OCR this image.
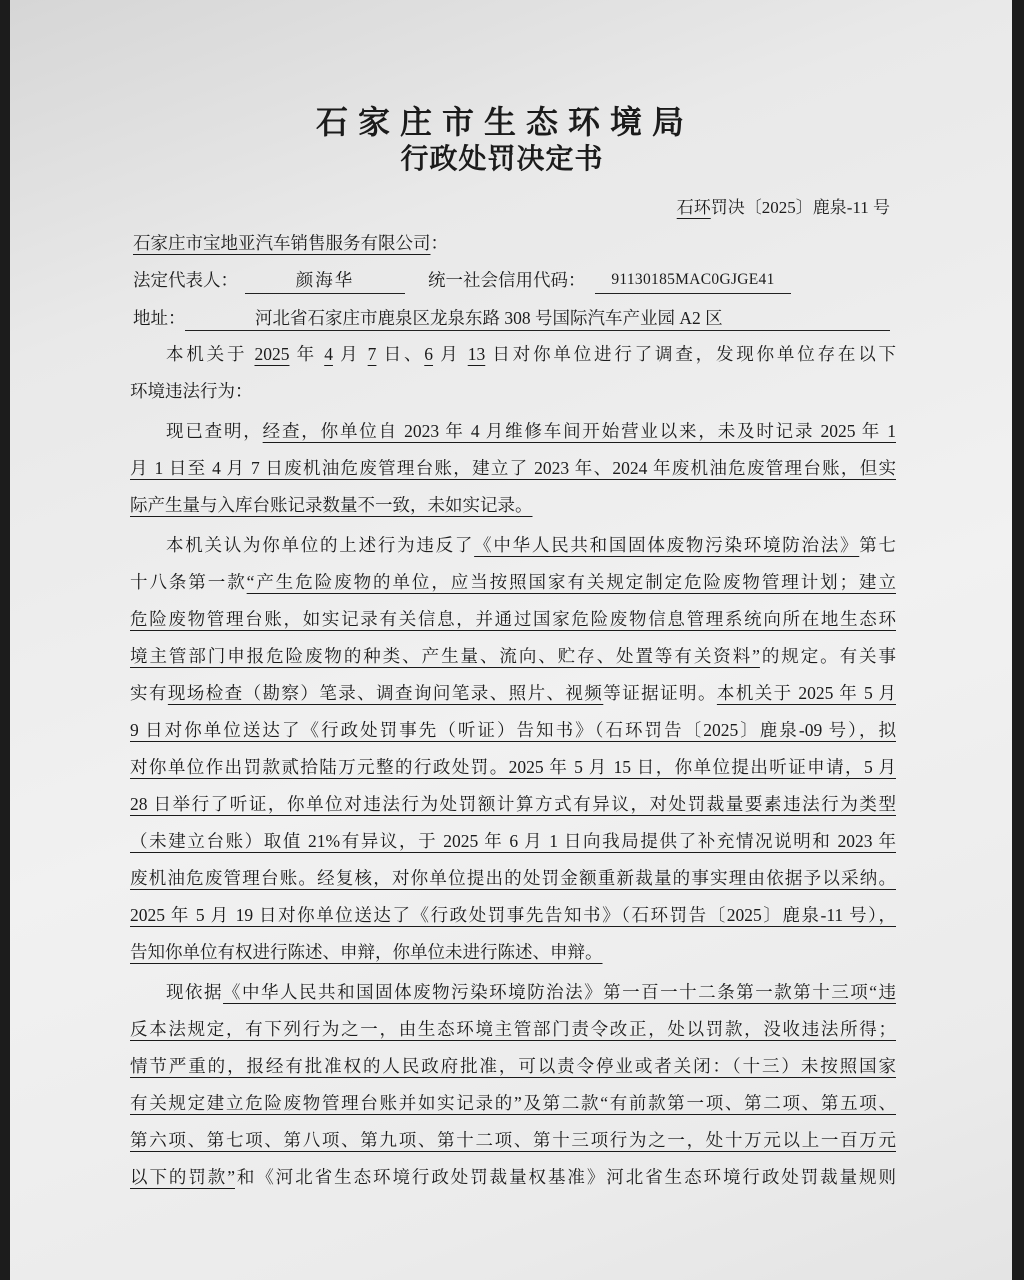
石家庄市生态环境局
行政处罚决定书
石环罚决〔2025〕鹿泉-11 号
石家庄市宝地亚汽车销售服务有限公司：
法定代表人：	颜海华	统一社会信用代码：	91130185MAC0GJGE41
地址：	河北省石家庄市鹿泉区龙泉东路 308 号国际汽车产业园 A2 区
本机关于 2025 年 4 月 7 日、6 月 13 日对你单位进行了调查，发现你单位存在以下
环境违法行为：
现已查明，经查，你单位自 2023 年 4 月维修车间开始营业以来，未及时记录 2025 年 1
月 1 日至 4 月 7 日废机油危废管理台账，建立了 2023 年、2024 年废机油危废管理台账，但实
际产生量与入库台账记录数量不一致，未如实记录。
本机关认为你单位的上述行为违反了《中华人民共和国固体废物污染环境防治法》第七
十八条第一款“产生危险废物的单位，应当按照国家有关规定制定危险废物管理计划；建立
危险废物管理台账，如实记录有关信息，并通过国家危险废物信息管理系统向所在地生态环
境主管部门申报危险废物的种类、产生量、流向、贮存、处置等有关资料”的规定。有关事
实有现场检查（勘察）笔录、调查询问笔录、照片、视频等证据证明。本机关于 2025 年 5 月
9 日对你单位送达了《行政处罚事先（听证）告知书》（石环罚告〔2025〕鹿泉-09 号），拟
对你单位作出罚款贰拾陆万元整的行政处罚。2025 年 5 月 15 日，你单位提出听证申请，5 月
28 日举行了听证，你单位对违法行为处罚额计算方式有异议，对处罚裁量要素违法行为类型
（未建立台账）取值 21%有异议，于 2025 年 6 月 1 日向我局提供了补充情况说明和 2023 年
废机油危废管理台账。经复核，对你单位提出的处罚金额重新裁量的事实理由依据予以采纳。
2025 年 5 月 19 日对你单位送达了《行政处罚事先告知书》（石环罚告〔2025〕鹿泉-11 号），
告知你单位有权进行陈述、申辩，你单位未进行陈述、申辩。
现依据《中华人民共和国固体废物污染环境防治法》第一百一十二条第一款第十三项“违
反本法规定，有下列行为之一，由生态环境主管部门责令改正，处以罚款，没收违法所得；
情节严重的，报经有批准权的人民政府批准，可以责令停业或者关闭：（十三）未按照国家
有关规定建立危险废物管理台账并如实记录的”及第二款“有前款第一项、第二项、第五项、
第六项、第七项、第八项、第九项、第十二项、第十三项行为之一，处十万元以上一百万元
以下的罚款”和《河北省生态环境行政处罚裁量权基准》河北省生态环境行政处罚裁量规则
